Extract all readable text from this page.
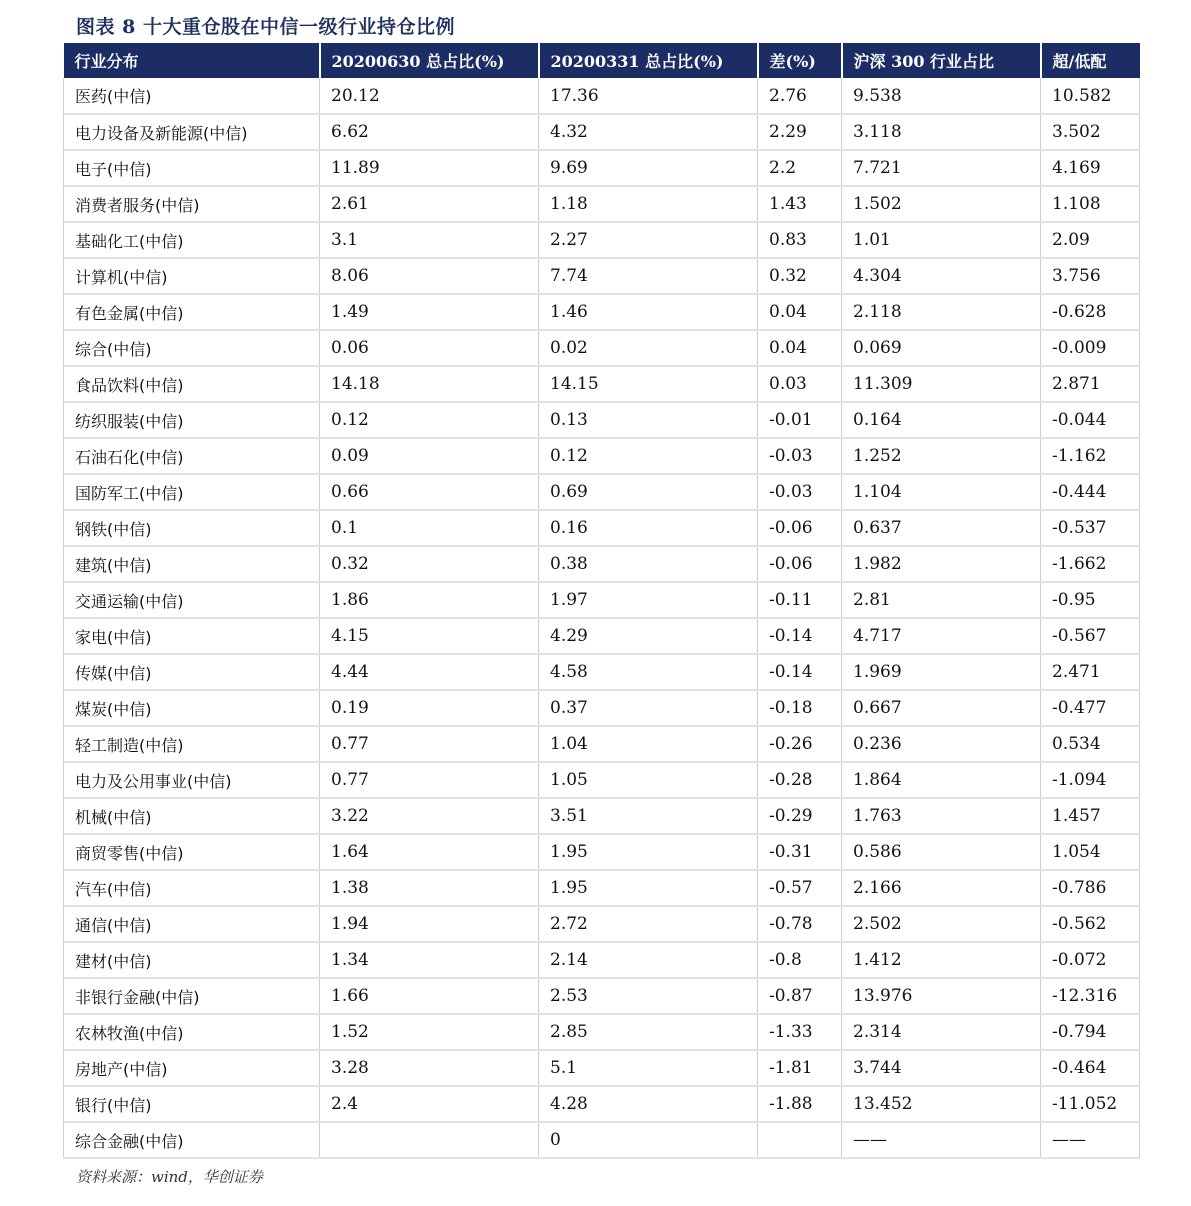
图表 8 十大重仓股在中信一级行业持仓比例
行业分布	20200630 总占比(%)	20200331 总占比(%)	差(%)	沪深 300 行业占比	超/低配
医药(中信)	20.12	17.36	2.76	9.538	10.582
电力设备及新能源(中信)	6.62	4.32	2.29	3.118	3.502
电子(中信)	11.89	9.69	2.2	7.721	4.169
消费者服务(中信)	2.61	1.18	1.43	1.502	1.108
基础化工(中信)	3.1	2.27	0.83	1.01	2.09
计算机(中信)	8.06	7.74	0.32	4.304	3.756
有色金属(中信)	1.49	1.46	0.04	2.118	-0.628
综合(中信)	0.06	0.02	0.04	0.069	-0.009
食品饮料(中信)	14.18	14.15	0.03	11.309	2.871
纺织服装(中信)	0.12	0.13	-0.01	0.164	-0.044
石油石化(中信)	0.09	0.12	-0.03	1.252	-1.162
国防军工(中信)	0.66	0.69	-0.03	1.104	-0.444
钢铁(中信)	0.1	0.16	-0.06	0.637	-0.537
建筑(中信)	0.32	0.38	-0.06	1.982	-1.662
交通运输(中信)	1.86	1.97	-0.11	2.81	-0.95
家电(中信)	4.15	4.29	-0.14	4.717	-0.567
传媒(中信)	4.44	4.58	-0.14	1.969	2.471
煤炭(中信)	0.19	0.37	-0.18	0.667	-0.477
轻工制造(中信)	0.77	1.04	-0.26	0.236	0.534
电力及公用事业(中信)	0.77	1.05	-0.28	1.864	-1.094
机械(中信)	3.22	3.51	-0.29	1.763	1.457
商贸零售(中信)	1.64	1.95	-0.31	0.586	1.054
汽车(中信)	1.38	1.95	-0.57	2.166	-0.786
通信(中信)	1.94	2.72	-0.78	2.502	-0.562
建材(中信)	1.34	2.14	-0.8	1.412	-0.072
非银行金融(中信)	1.66	2.53	-0.87	13.976	-12.316
农林牧渔(中信)	1.52	2.85	-1.33	2.314	-0.794
房地产(中信)	3.28	5.1	-1.81	3.744	-0.464
银行(中信)	2.4	4.28	-1.88	13.452	-11.052
综合金融(中信)		0		——	——
资料来源：wind，华创证券
